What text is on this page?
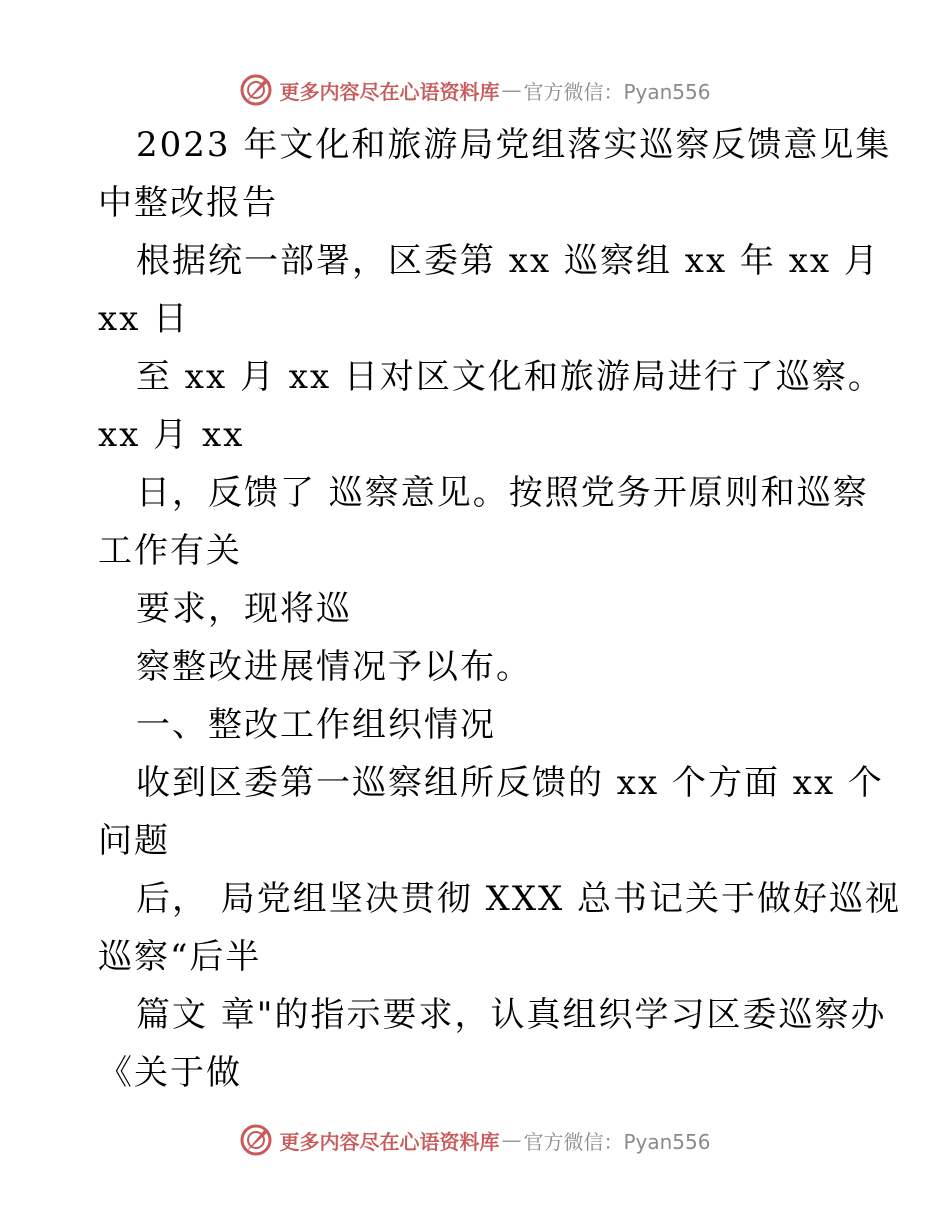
更多内容尽在心语资料库 — 官方微信：Pyan556
2023 年文化和旅游局党组落实巡察反馈意见集
中整改报告
根据统一部署，区委第 xx 巡察组 xx 年 xx 月
xx 日
至 xx 月 xx 日对区文化和旅游局进行了巡察。
xx 月 xx
日，反馈了 巡察意见。按照党务开原则和巡察
工作有关
要求，现将巡
察整改进展情况予以布。
一、整改工作组织情况
收到区委第一巡察组所反馈的 xx 个方面 xx 个
问题
后， 局党组坚决贯彻 XXX 总书记关于做好巡视
巡察“后半
篇文 章"的指示要求，认真组织学习区委巡察办
《关于做
更多内容尽在心语资料库 — 官方微信：Pyan556
